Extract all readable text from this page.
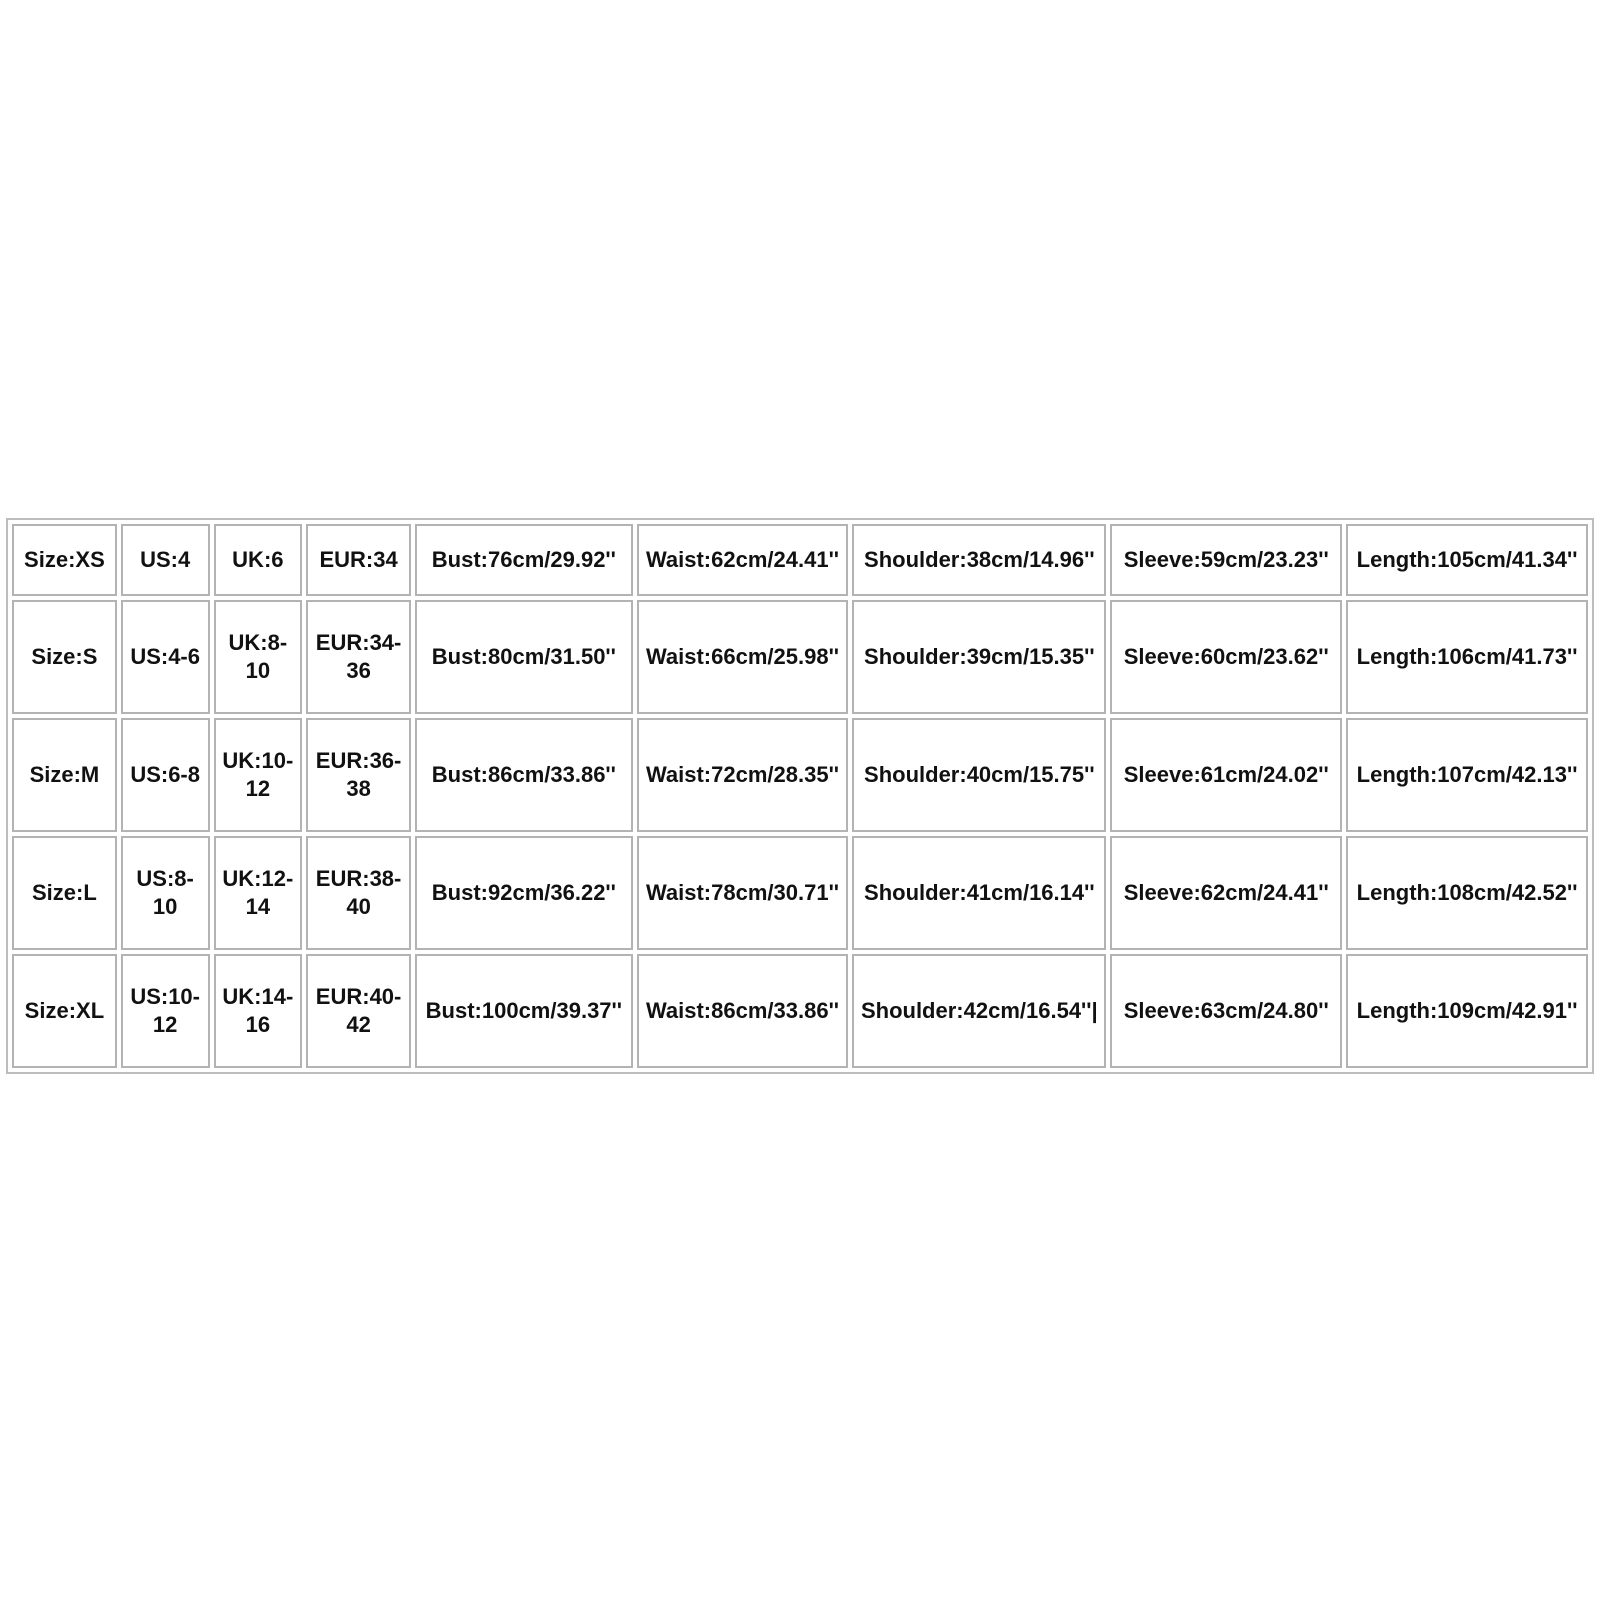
Size:XS	US:4	UK:6	EUR:34	Bust:76cm/29.92''	Waist:62cm/24.41''	Shoulder:38cm/14.96''	Sleeve:59cm/23.23''	Length:105cm/41.34''
Size:S	US:4-6	UK:8-
10	EUR:34-
36	Bust:80cm/31.50''	Waist:66cm/25.98''	Shoulder:39cm/15.35''	Sleeve:60cm/23.62''	Length:106cm/41.73''
Size:M	US:6-8	UK:10-
12	EUR:36-
38	Bust:86cm/33.86''	Waist:72cm/28.35''	Shoulder:40cm/15.75''	Sleeve:61cm/24.02''	Length:107cm/42.13''
Size:L	US:8-
10	UK:12-
14	EUR:38-
40	Bust:92cm/36.22''	Waist:78cm/30.71''	Shoulder:41cm/16.14''	Sleeve:62cm/24.41''	Length:108cm/42.52''
Size:XL	US:10-
12	UK:14-
16	EUR:40-
42	Bust:100cm/39.37''	Waist:86cm/33.86''	Shoulder:42cm/16.54''|	Sleeve:63cm/24.80''	Length:109cm/42.91''
